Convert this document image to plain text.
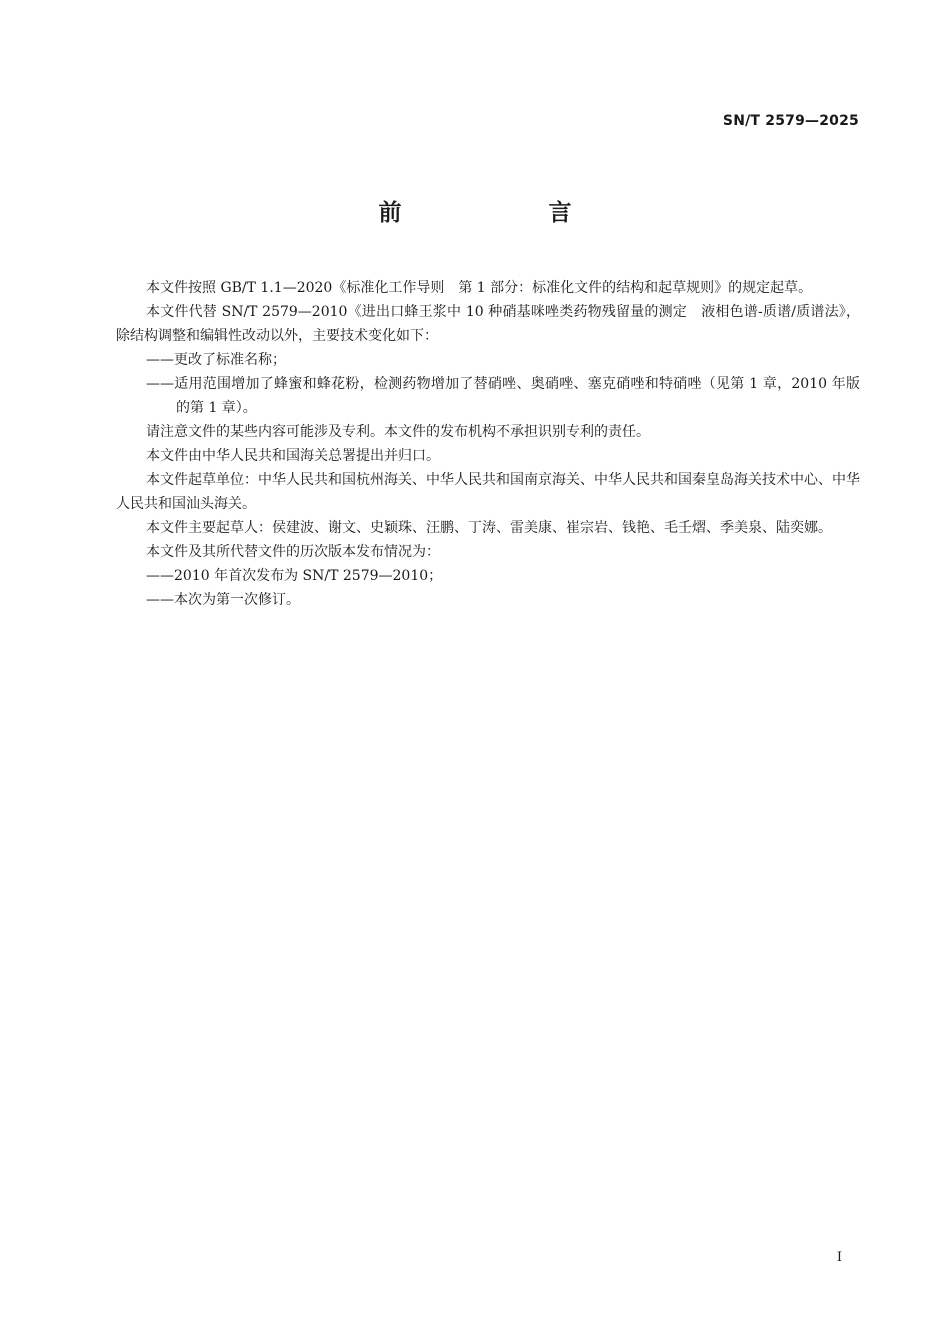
SN/T 2579—2025
前　言

本文件按照 GB/T 1.1—2020《标准化工作导则　第 1 部分：标准化文件的结构和起草规则》的规定起草。

本文件代替 SN/T 2579—2010《进出口蜂王浆中 10 种硝基咪唑类药物残留量的测定　液相色谱-质谱/质谱法》，除结构调整和编辑性改动以外，主要技术变化如下：

——更改了标准名称；

——适用范围增加了蜂蜜和蜂花粉，检测药物增加了替硝唑、奥硝唑、塞克硝唑和特硝唑（见第 1 章，2010 年版的第 1 章）。

请注意文件的某些内容可能涉及专利。本文件的发布机构不承担识别专利的责任。

本文件由中华人民共和国海关总署提出并归口。

本文件起草单位：中华人民共和国杭州海关、中华人民共和国南京海关、中华人民共和国秦皇岛海关技术中心、中华人民共和国汕头海关。

本文件主要起草人：侯建波、谢文、史颖珠、汪鹏、丁涛、雷美康、崔宗岩、钱艳、毛壬熠、季美泉、陆奕娜。

本文件及其所代替文件的历次版本发布情况为：

——2010 年首次发布为 SN/T 2579—2010；

——本次为第一次修订。

I
